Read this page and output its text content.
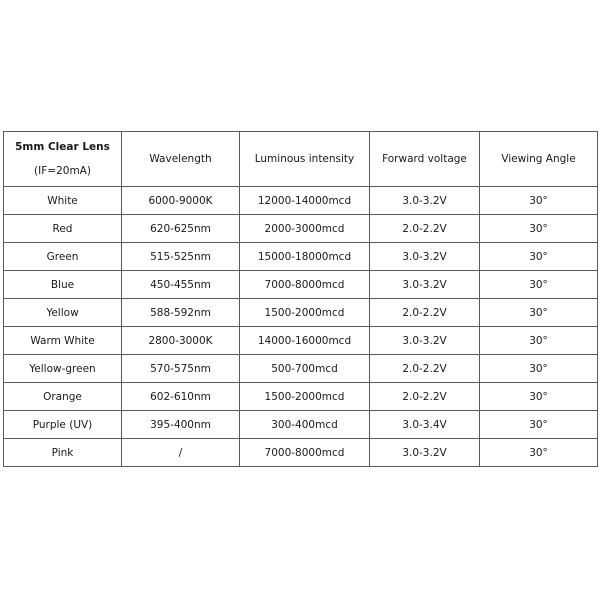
5mm Clear Lens
(IF=20mA)	Wavelength	Luminous intensity	Forward voltage	Viewing Angle
White	6000-9000K	12000-14000mcd	3.0-3.2V	30°
Red	620-625nm	2000-3000mcd	2.0-2.2V	30°
Green	515-525nm	15000-18000mcd	3.0-3.2V	30°
Blue	450-455nm	7000-8000mcd	3.0-3.2V	30°
Yellow	588-592nm	1500-2000mcd	2.0-2.2V	30°
Warm White	2800-3000K	14000-16000mcd	3.0-3.2V	30°
Yellow-green	570-575nm	500-700mcd	2.0-2.2V	30°
Orange	602-610nm	1500-2000mcd	2.0-2.2V	30°
Purple (UV)	395-400nm	300-400mcd	3.0-3.4V	30°
Pink	/	7000-8000mcd	3.0-3.2V	30°
